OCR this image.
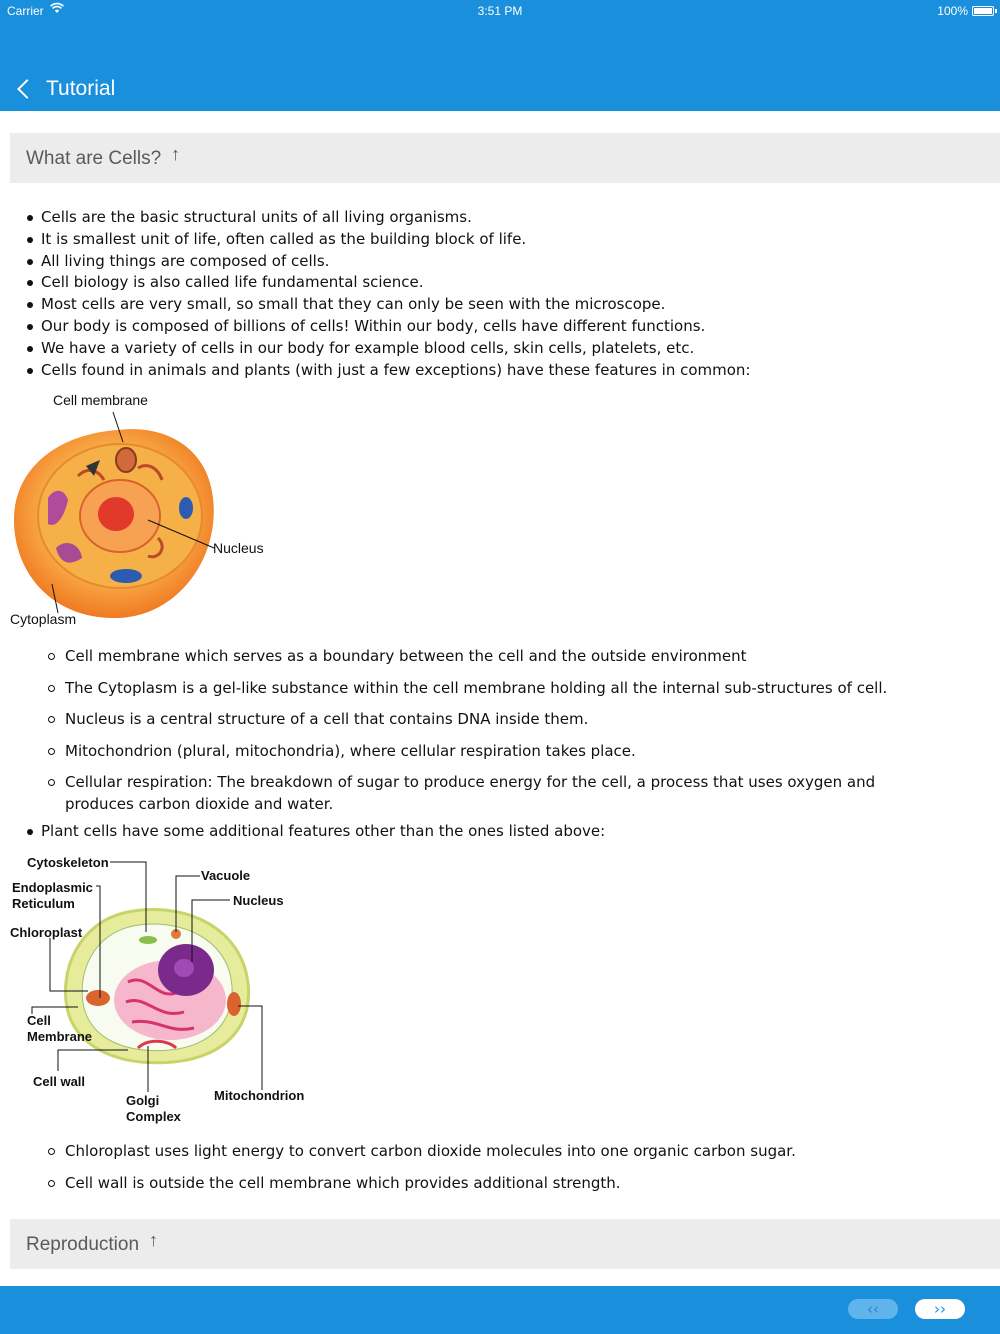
Carrier	3:51 PM	100%
Tutorial
What are Cells? ↑
Cells are the basic structural units of all living organisms.
It is smallest unit of life, often called as the building block of life.
All living things are composed of cells.
Cell biology is also called life fundamental science.
Most cells are very small, so small that they can only be seen with the microscope.
Our body is composed of billions of cells! Within our body, cells have different functions.
We have a variety of cells in our body for example blood cells, skin cells, platelets, etc.
Cells found in animals and plants (with just a few exceptions) have these features in common:
Cell membrane
Nucleus
Cytoplasm
Cell membrane which serves as a boundary between the cell and the outside environment
The Cytoplasm is a gel-like substance within the cell membrane holding all the internal sub-structures of cell.
Nucleus is a central structure of a cell that contains DNA inside them.
Mitochondrion (plural, mitochondria), where cellular respiration takes place.
Cellular respiration: The breakdown of sugar to produce energy for the cell, a process that uses oxygen and produces carbon dioxide and water.
Plant cells have some additional features other than the ones listed above:
Cytoskeleton
Endoplasmic
Reticulum
Chloroplast
Cell
Membrane
Cell wall
Golgi
Complex
Vacuole
Nucleus
Mitochondrion
Chloroplast uses light energy to convert carbon dioxide molecules into one organic carbon sugar.
Cell wall is outside the cell membrane which provides additional strength.
Reproduction ↑
‹‹	››
